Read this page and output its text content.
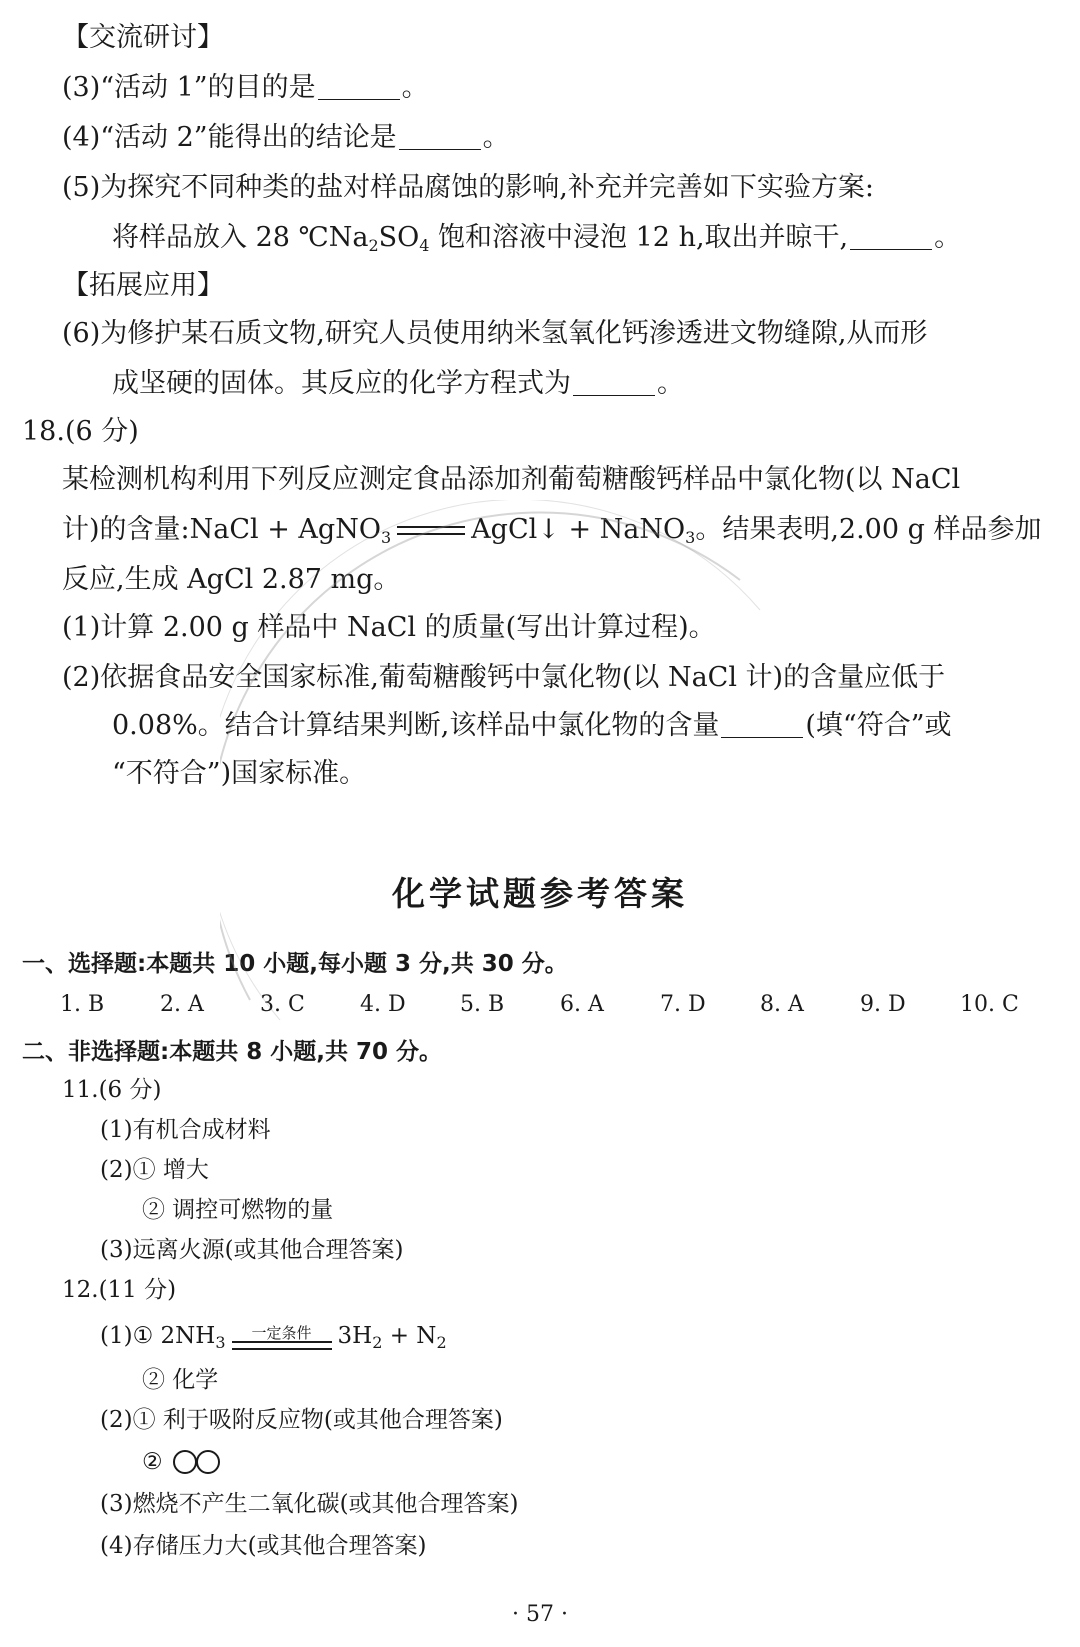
【交流研讨】
(3)“活动 1”的目的是	。
(4)“活动 2”能得出的结论是	。
(5)为探究不同种类的盐对样品腐蚀的影响,补充并完善如下实验方案:
将样品放入 28 $℃Na_2SO_4$ 饱和溶液中浸泡 12 h,取出并晾干,	。
【拓展应用】
(6)为修护某石质文物,研究人员使用纳米氢氧化钙渗透进文物缝隙,从而形
成坚硬的固体。其反应的化学方程式为	。
18.(6 分)
某检测机构利用下列反应测定食品添加剂葡萄糖酸钙样品中氯化物(以 NaCl
计)的含量:NaCl + AgNO$_3$	AgCl↓ + NaNO$_3$。结果表明,2.00 g 样品参加
反应,生成 AgCl 2.87 mg。
(1)计算 2.00 g 样品中 NaCl 的质量(写出计算过程)。
(2)依据食品安全国家标准,葡萄糖酸钙中氯化物(以 NaCl 计)的含量应低于
0.08%。结合计算结果判断,该样品中氯化物的含量	(填“符合”或
“不符合”)国家标准。
化学试题参考答案
一、选择题:本题共 10 小题,每小题 3 分,共 30 分。
1. B	2. A	3. C	4. D 5. B	6. A	7. D 8. A	9. D 10. C
二、非选择题:本题共 8 小题,共 70 分。
11.(6 分)
(1)有机合成材料
(2)① 增大
② 调控可燃物的量
(3)远离火源(或其他合理答案)
12.(11 分)
(1)① $2NH_3$
一定条件	$3H_2 + N_2$
② 化学
(2)① 利于吸附反应物(或其他合理答案)
②
(3)燃烧不产生二氧化碳(或其他合理答案)
(4)存储压力大(或其他合理答案)
· 57 ·
